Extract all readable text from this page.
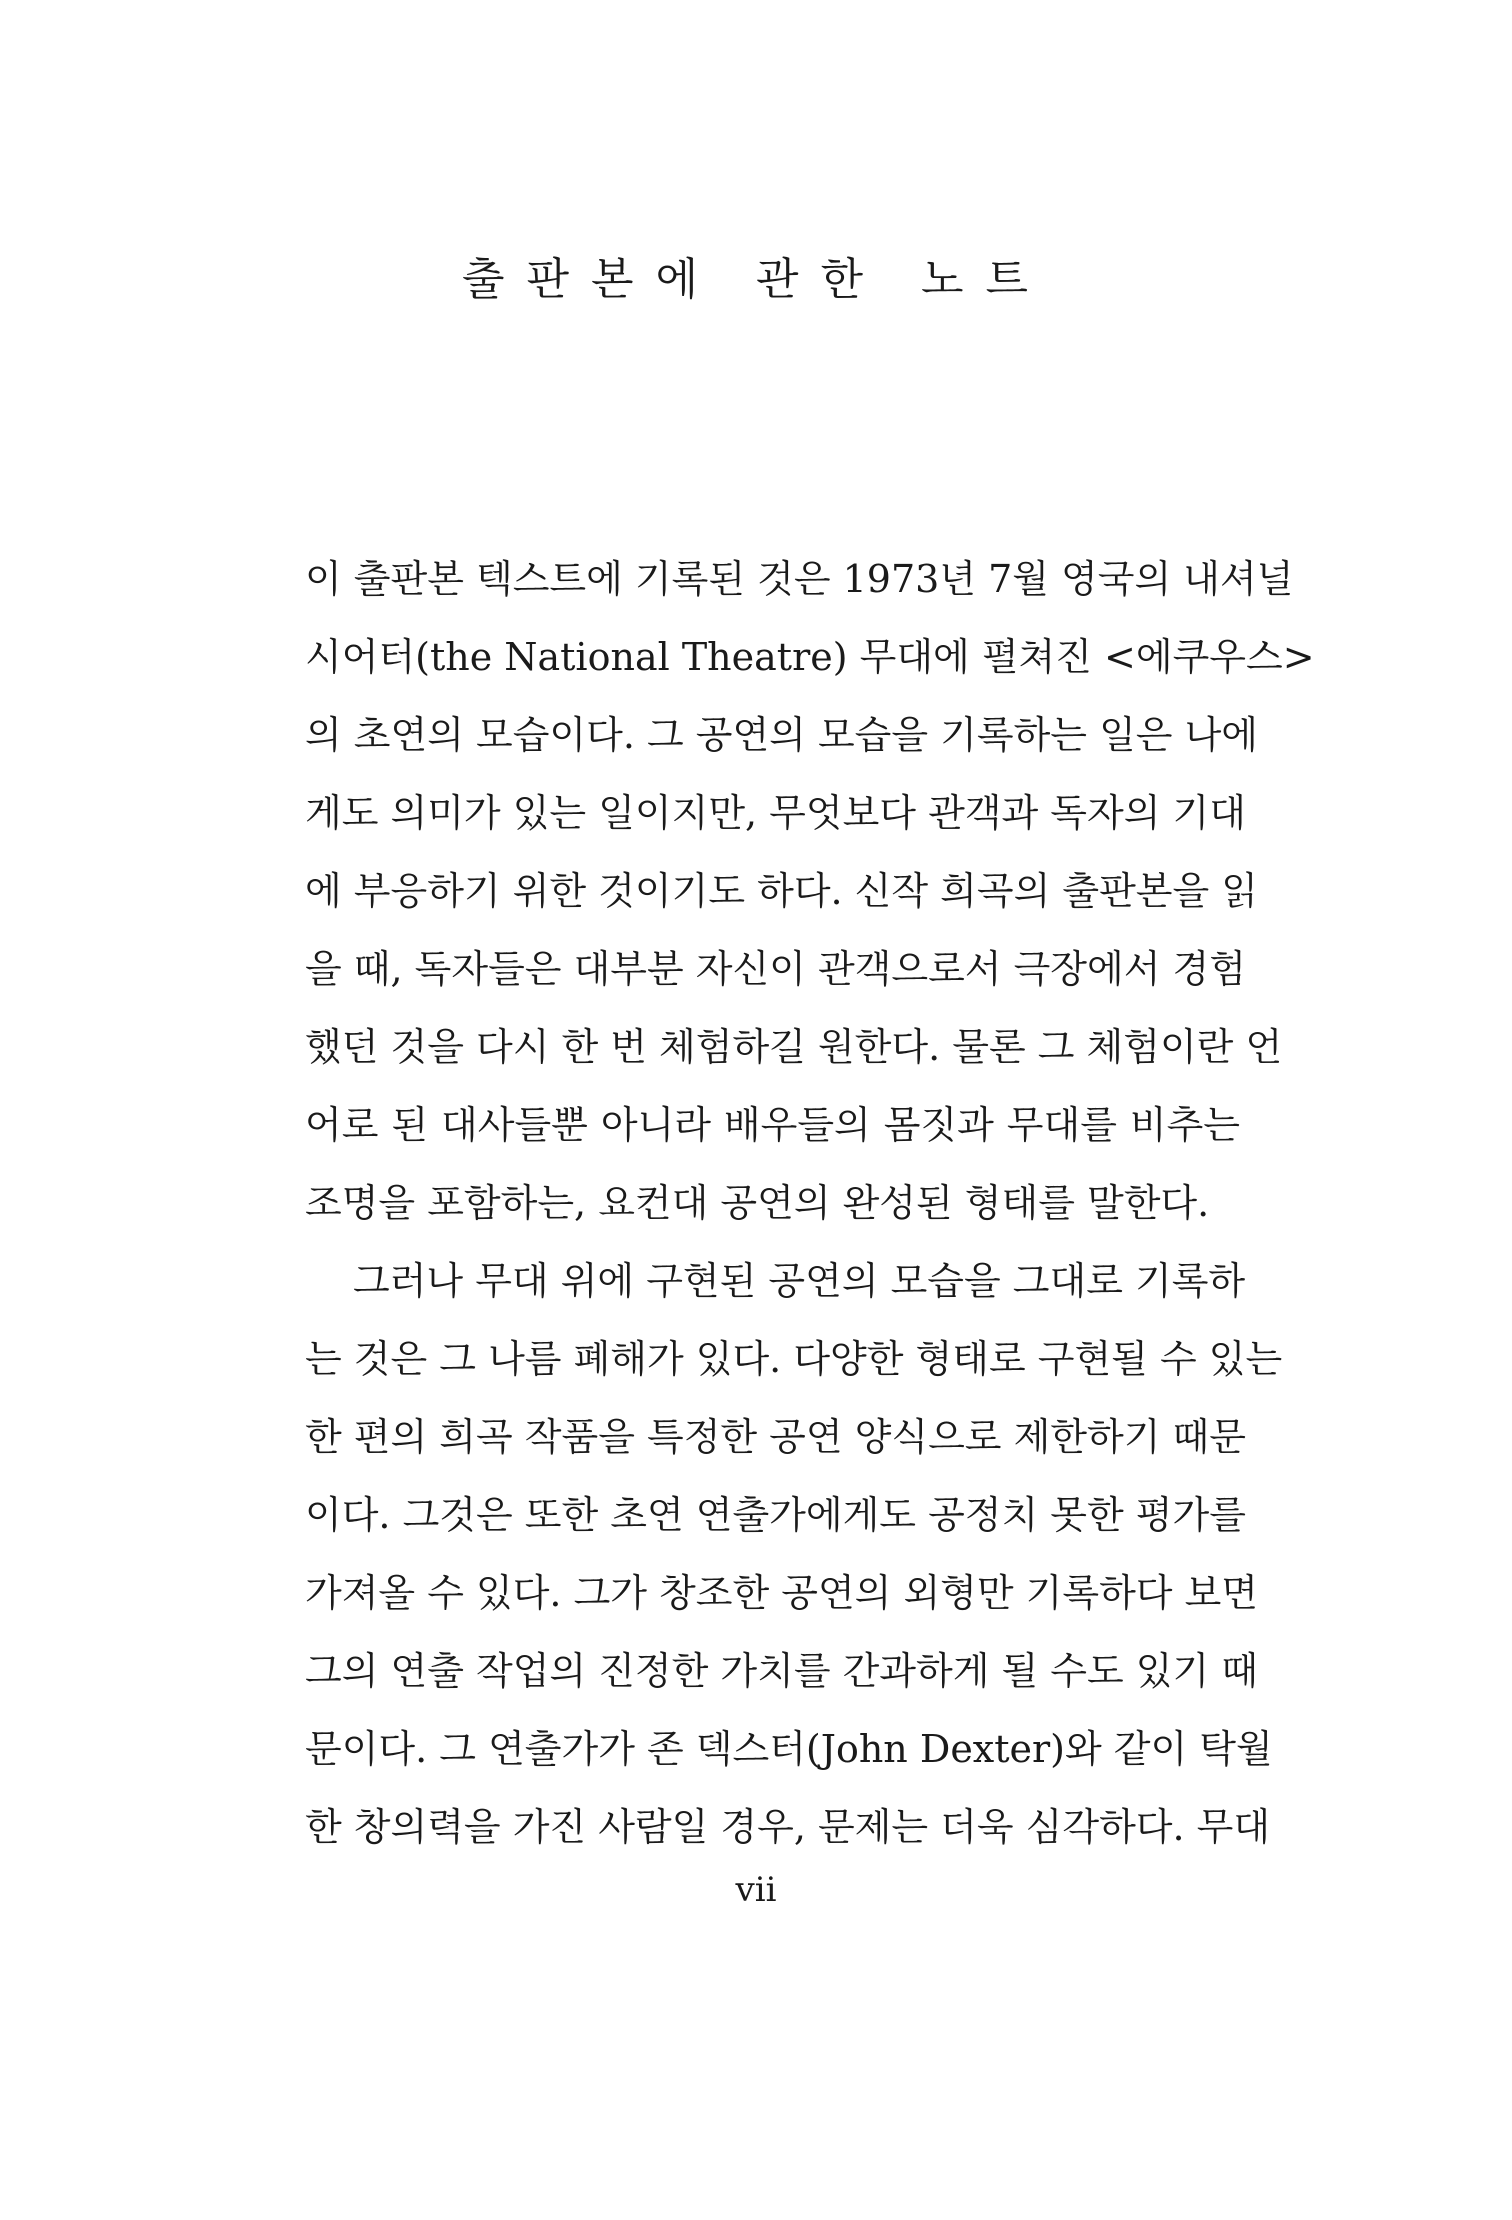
출판본에 관한 노트
이 출판본 텍스트에 기록된 것은 1973년 7월 영국의 내셔널
시어터(the National Theatre) 무대에 펼쳐진 <에쿠우스>
의 초연의 모습이다. 그 공연의 모습을 기록하는 일은 나에
게도 의미가 있는 일이지만, 무엇보다 관객과 독자의 기대
에 부응하기 위한 것이기도 하다. 신작 희곡의 출판본을 읽
을 때, 독자들은 대부분 자신이 관객으로서 극장에서 경험
했던 것을 다시 한 번 체험하길 원한다. 물론 그 체험이란 언
어로 된 대사들뿐 아니라 배우들의 몸짓과 무대를 비추는
조명을 포함하는, 요컨대 공연의 완성된 형태를 말한다.
그러나 무대 위에 구현된 공연의 모습을 그대로 기록하
는 것은 그 나름 폐해가 있다. 다양한 형태로 구현될 수 있는
한 편의 희곡 작품을 특정한 공연 양식으로 제한하기 때문
이다. 그것은 또한 초연 연출가에게도 공정치 못한 평가를
가져올 수 있다. 그가 창조한 공연의 외형만 기록하다 보면
그의 연출 작업의 진정한 가치를 간과하게 될 수도 있기 때
문이다. 그 연출가가 존 덱스터(John Dexter)와 같이 탁월
한 창의력을 가진 사람일 경우, 문제는 더욱 심각하다. 무대
vii
